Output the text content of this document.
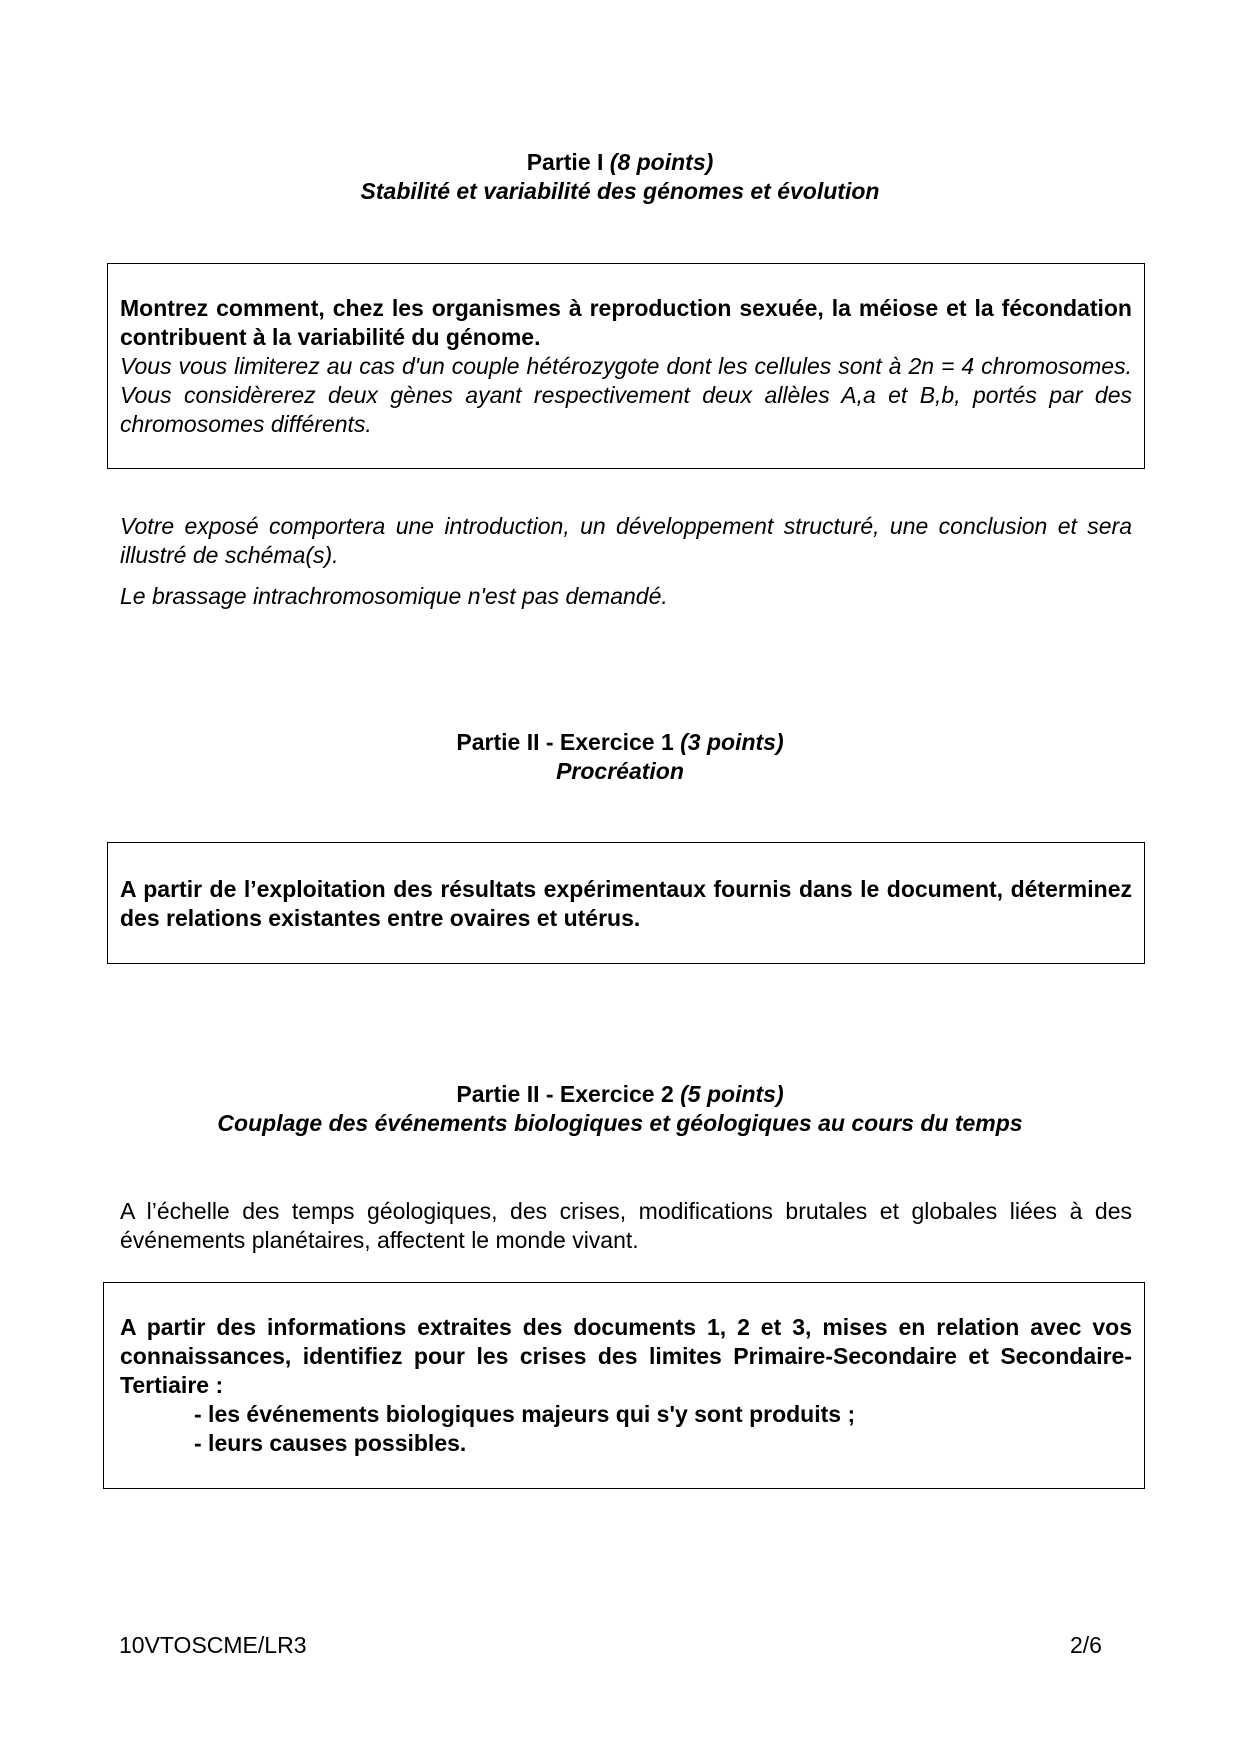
Partie I (8 points)
Stabilité et variabilité des génomes et évolution

Montrez comment, chez les organismes à reproduction sexuée, la méiose et la fécondation contribuent à la variabilité du génome.

Vous vous limiterez au cas d'un couple hétérozygote dont les cellules sont à 2n = 4 chromosomes. Vous considèrerez deux gènes ayant respectivement deux allèles A,a et B,b, portés par des chromosomes différents.

Votre exposé comportera une introduction, un développement structuré, une conclusion et sera illustré de schéma(s).

Le brassage intrachromosomique n'est pas demandé.

Partie II - Exercice 1 (3 points)
Procréation

A partir de l’exploitation des résultats expérimentaux fournis dans le document, déterminez des relations existantes entre ovaires et utérus.

Partie II - Exercice 2 (5 points)
Couplage des événements biologiques et géologiques au cours du temps

A l’échelle des temps géologiques, des crises, modifications brutales et globales liées à des événements planétaires, affectent le monde vivant.

A partir des informations extraites des documents 1, 2 et 3, mises en relation avec vos connaissances, identifiez pour les crises des limites Primaire-Secondaire et Secondaire-Tertiaire :

- les événements biologiques majeurs qui s'y sont produits ;
- leurs causes possibles.

10VTOSCME/LR3	2/6
